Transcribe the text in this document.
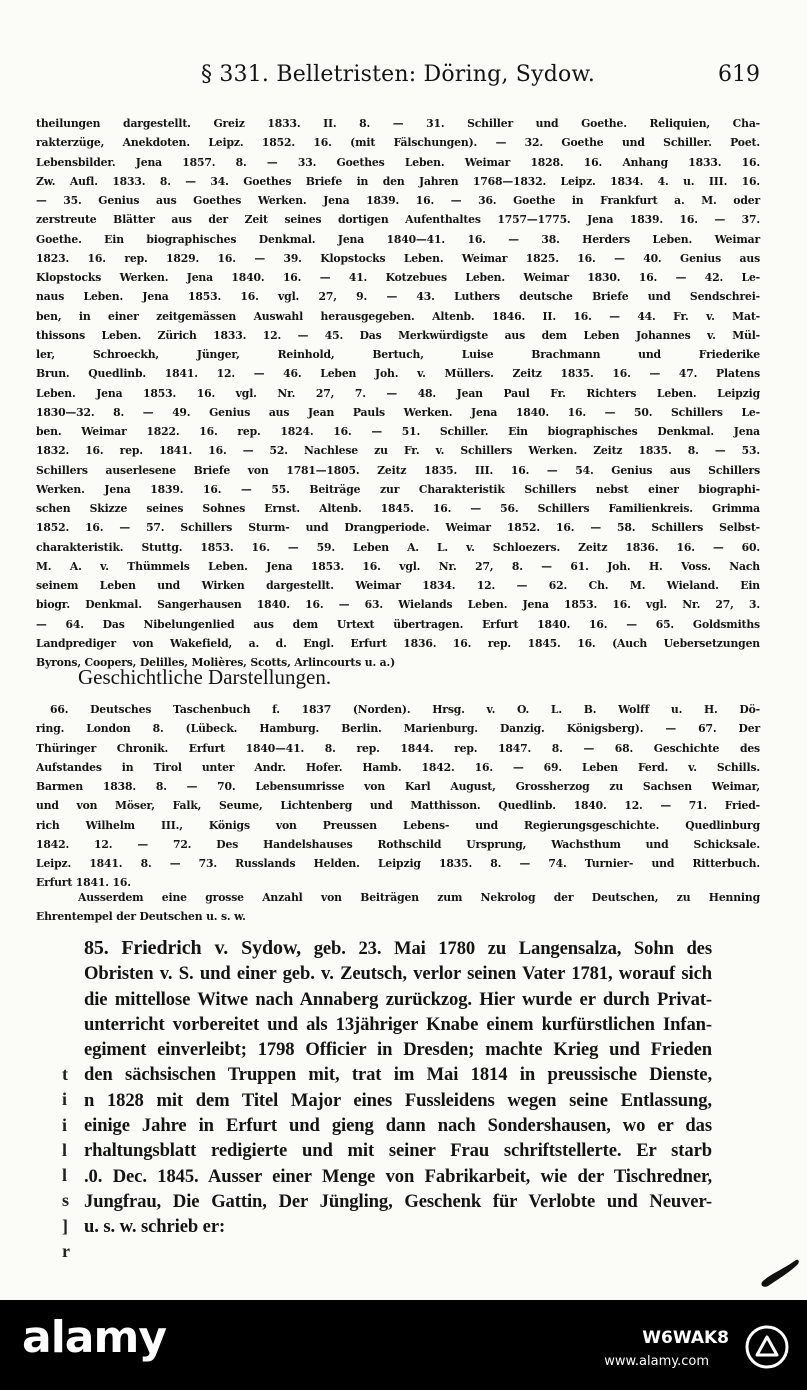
§ 331. Belletristen: Döring, Sydow.	619

theilungen dargestellt. Greiz 1833. II. 8. — 31. Schiller und Goethe. Reliquien, Cha-

rakterzüge, Anekdoten. Leipz. 1852. 16. (mit Fälschungen). — 32. Goethe und Schiller. Poet.

Lebensbilder. Jena 1857. 8. — 33. Goethes Leben. Weimar 1828. 16. Anhang 1833. 16.

Zw. Aufl. 1833. 8. — 34. Goethes Briefe in den Jahren 1768—1832. Leipz. 1834. 4. u. III. 16.

— 35. Genius aus Goethes Werken. Jena 1839. 16. — 36. Goethe in Frankfurt a. M. oder

zerstreute Blätter aus der Zeit seines dortigen Aufenthaltes 1757—1775. Jena 1839. 16. — 37.

Goethe. Ein biographisches Denkmal. Jena 1840—41. 16. — 38. Herders Leben. Weimar

1823. 16. rep. 1829. 16. — 39. Klopstocks Leben. Weimar 1825. 16. — 40. Genius aus

Klopstocks Werken. Jena 1840. 16. — 41. Kotzebues Leben. Weimar 1830. 16. — 42. Le-

naus Leben. Jena 1853. 16. vgl. 27, 9. — 43. Luthers deutsche Briefe und Sendschrei-

ben, in einer zeitgemässen Auswahl herausgegeben. Altenb. 1846. II. 16. — 44. Fr. v. Mat-

thissons Leben. Zürich 1833. 12. — 45. Das Merkwürdigste aus dem Leben Johannes v. Mül-

ler, Schroeckh, Jünger, Reinhold, Bertuch, Luise Brachmann und Friederike

Brun. Quedlinb. 1841. 12. — 46. Leben Joh. v. Müllers. Zeitz 1835. 16. — 47. Platens

Leben. Jena 1853. 16. vgl. Nr. 27, 7. — 48. Jean Paul Fr. Richters Leben. Leipzig

1830—32. 8. — 49. Genius aus Jean Pauls Werken. Jena 1840. 16. — 50. Schillers Le-

ben. Weimar 1822. 16. rep. 1824. 16. — 51. Schiller. Ein biographisches Denkmal. Jena

1832. 16. rep. 1841. 16. — 52. Nachlese zu Fr. v. Schillers Werken. Zeitz 1835. 8. — 53.

Schillers auserlesene Briefe von 1781—1805. Zeitz 1835. III. 16. — 54. Genius aus Schillers

Werken. Jena 1839. 16. — 55. Beiträge zur Charakteristik Schillers nebst einer biographi-

schen Skizze seines Sohnes Ernst. Altenb. 1845. 16. — 56. Schillers Familienkreis. Grimma

1852. 16. — 57. Schillers Sturm- und Drangperiode. Weimar 1852. 16. — 58. Schillers Selbst-

charakteristik. Stuttg. 1853. 16. — 59. Leben A. L. v. Schloezers. Zeitz 1836. 16. — 60.

M. A. v. Thümmels Leben. Jena 1853. 16. vgl. Nr. 27, 8. — 61. Joh. H. Voss. Nach

seinem Leben und Wirken dargestellt. Weimar 1834. 12. — 62. Ch. M. Wieland. Ein

biogr. Denkmal. Sangerhausen 1840. 16. — 63. Wielands Leben. Jena 1853. 16. vgl. Nr. 27, 3.

— 64. Das Nibelungenlied aus dem Urtext übertragen. Erfurt 1840. 16. — 65. Goldsmiths

Landprediger von Wakefield, a. d. Engl. Erfurt 1836. 16. rep. 1845. 16. (Auch Uebersetzungen

Byrons, Coopers, Delilles, Molières, Scotts, Arlincourts u. a.)

Geschichtliche Darstellungen.

66. Deutsches Taschenbuch f. 1837 (Norden). Hrsg. v. O. L. B. Wolff u. H. Dö-

ring. London 8. (Lübeck. Hamburg. Berlin. Marienburg. Danzig. Königsberg). — 67. Der

Thüringer Chronik. Erfurt 1840—41. 8. rep. 1844. rep. 1847. 8. — 68. Geschichte des

Aufstandes in Tirol unter Andr. Hofer. Hamb. 1842. 16. — 69. Leben Ferd. v. Schills.

Barmen 1838. 8. — 70. Lebensumrisse von Karl August, Grossherzog zu Sachsen Weimar,

und von Möser, Falk, Seume, Lichtenberg und Matthisson. Quedlinb. 1840. 12. — 71. Fried-

rich Wilhelm III., Königs von Preussen Lebens- und Regierungsgeschichte. Quedlinburg

1842. 12. — 72. Des Handelshauses Rothschild Ursprung, Wachsthum und Schicksale.

Leipz. 1841. 8. — 73. Russlands Helden. Leipzig 1835. 8. — 74. Turnier- und Ritterbuch.

Erfurt 1841. 16.

Ausserdem eine grosse Anzahl von Beiträgen zum Nekrolog der Deutschen, zu Henning

Ehrentempel der Deutschen u. s. w.

85. Friedrich v. Sydow, geb. 23. Mai 1780 zu Langensalza, Sohn des

Obristen v. S. und einer geb. v. Zeutsch, verlor seinen Vater 1781, worauf sich

die mittellose Witwe nach Annaberg zurückzog. Hier wurde er durch Privat-

unterricht vorbereitet und als 13jähriger Knabe einem kurfürstlichen Infan-

egiment einverleibt; 1798 Officier in Dresden; machte Krieg und Frieden

den sächsischen Truppen mit, trat im Mai 1814 in preussische Dienste,

n 1828 mit dem Titel Major eines Fussleidens wegen seine Entlassung,

einige Jahre in Erfurt und gieng dann nach Sondershausen, wo er das

rhaltungsblatt redigierte und mit seiner Frau schriftstellerte. Er starb

.0. Dec. 1845. Ausser einer Menge von Fabrikarbeit, wie der Tischredner,

Jungfrau, Die Gattin, Der Jüngling, Geschenk für Verlobte und Neuver-

u. s. w. schrieb er:

t
i
i
l
l
s
]
r
alamy	W6WAK8
www.alamy.com
